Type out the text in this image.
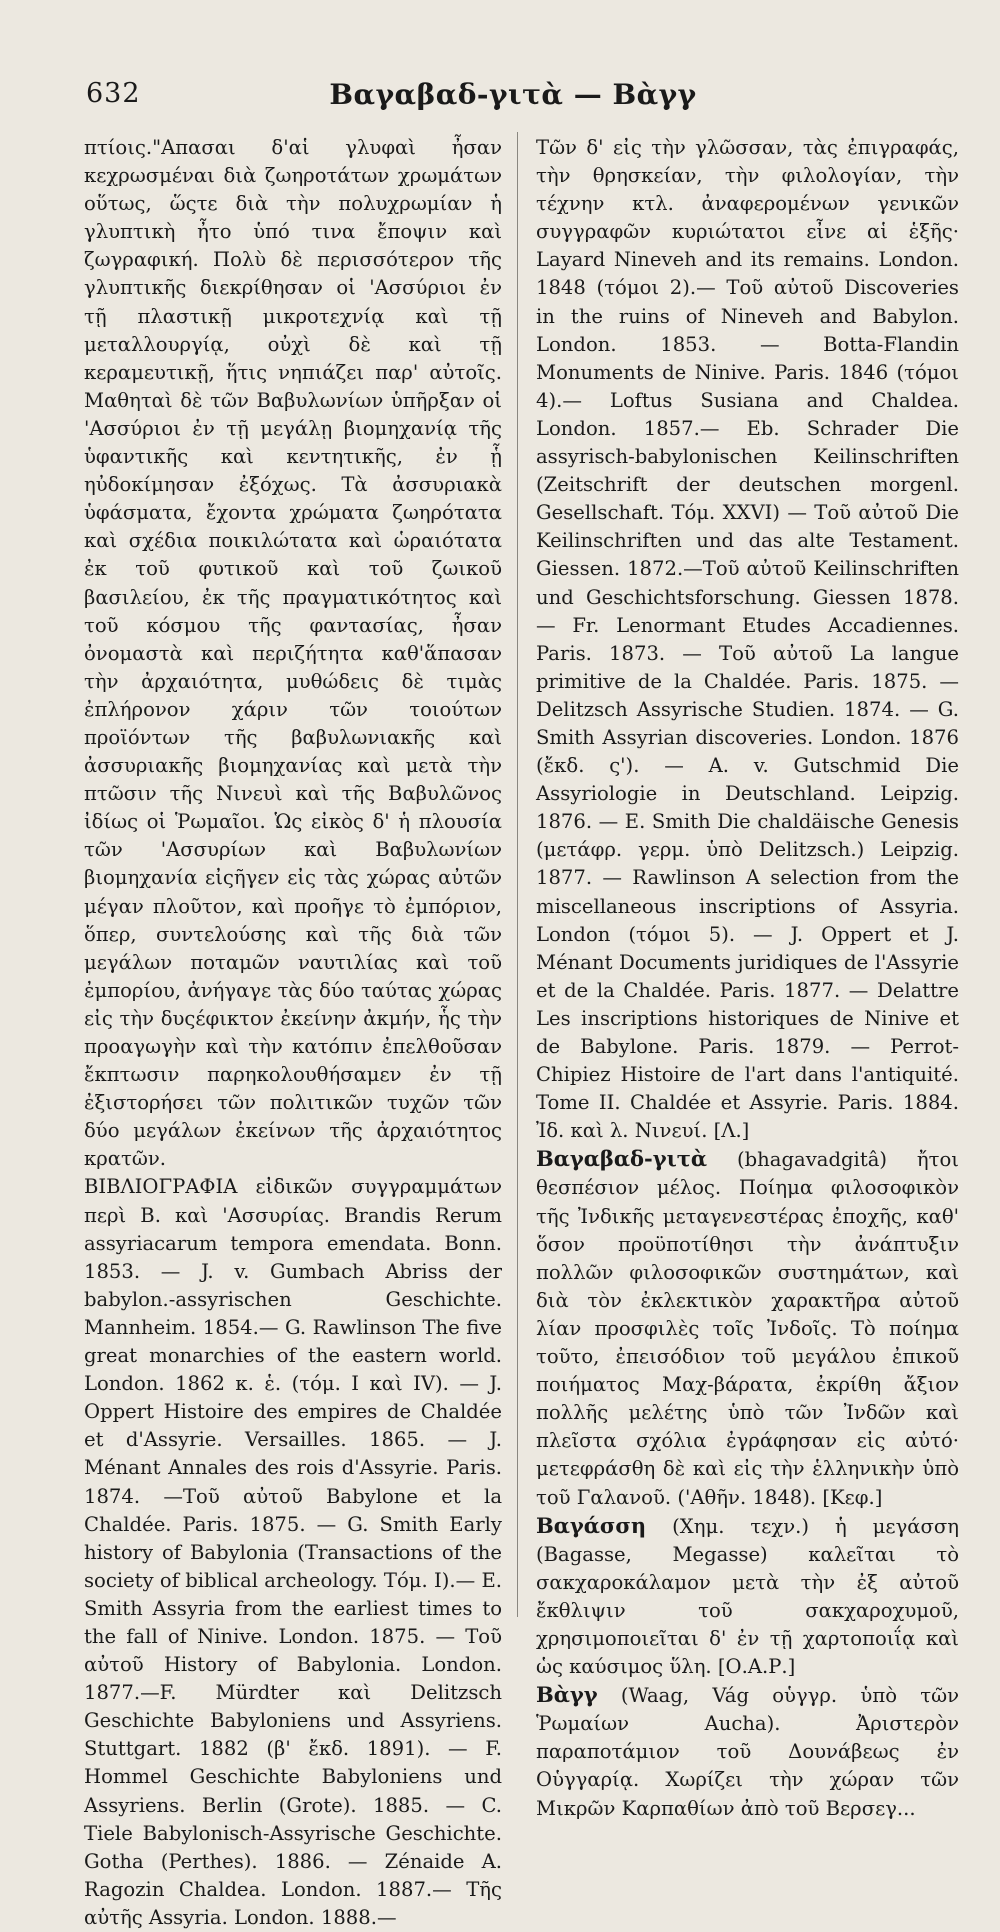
632	Βαγαβαδ-γιτὰ — Βὰγγ

πτίοις."Απασαι δ'αἱ γλυφαὶ ἦσαν κεχρωσμέναι διὰ ζωηροτάτων χρωμάτων οὕτως, ὥςτε διὰ τὴν πολυχρωμίαν ἡ γλυπτικὴ ἦτο ὑπό τινα ἔποψιν καὶ ζωγραφική. Πολὺ δὲ περισσότερον τῆς γλυπτικῆς διεκρίθησαν οἱ 'Ασσύριοι ἐν τῇ πλαστικῇ μικροτεχνίᾳ καὶ τῇ μεταλλουργίᾳ, οὐχὶ δὲ καὶ τῇ κεραμευτικῇ, ἥτις νηπιάζει παρ' αὐτοῖς. Μαθηταὶ δὲ τῶν Βαβυλωνίων ὑπῆρξαν οἱ 'Ασσύριοι ἐν τῇ μεγάλῃ βιομηχανίᾳ τῆς ὑφαντικῆς καὶ κεντητικῆς, ἐν ᾗ ηὐδοκίμησαν ἐξόχως. Τὰ ἀσσυριακὰ ὑφάσματα, ἔχοντα χρώματα ζωηρότατα καὶ σχέδια ποικιλώτατα καὶ ὡραιότατα ἐκ τοῦ φυτικοῦ καὶ τοῦ ζωικοῦ βασιλείου, ἐκ τῆς πραγματικότητος καὶ τοῦ κόσμου τῆς φαντασίας, ἦσαν ὀνομαστὰ καὶ περιζήτητα καθ'ἅπασαν τὴν ἀρχαιότητα, μυθώδεις δὲ τιμὰς ἐπλήρονον χάριν τῶν τοιούτων προϊόντων τῆς βαβυλωνιακῆς καὶ ἀσσυριακῆς βιομηχανίας καὶ μετὰ τὴν πτῶσιν τῆς Νινευὶ καὶ τῆς Βαβυλῶνος ἰδίως οἱ Ῥωμαῖοι. Ὡς εἰκὸς δ' ἡ πλουσία τῶν 'Ασσυρίων καὶ Βαβυλωνίων βιομηχανία εἰςῆγεν εἰς τὰς χώρας αὐτῶν μέγαν πλοῦτον, καὶ προῆγε τὸ ἐμπόριον, ὅπερ, συντελούσης καὶ τῆς διὰ τῶν μεγάλων ποταμῶν ναυτιλίας καὶ τοῦ ἐμπορίου, ἀνήγαγε τὰς δύο ταύτας χώρας εἰς τὴν δυςέφικτον ἐκείνην ἀκμήν, ἧς τὴν προαγωγὴν καὶ τὴν κατόπιν ἐπελθοῦσαν ἔκπτωσιν παρηκολουθήσαμεν ἐν τῇ ἐξιστορήσει τῶν πολιτικῶν τυχῶν τῶν δύο μεγάλων ἐκείνων τῆς ἀρχαιότητος κρατῶν.

ΒΙΒΛΙΟΓΡΑΦΙΑ εἰδικῶν συγγραμμάτων περὶ Β. καὶ 'Ασσυρίας. Brandis Rerum assyriacarum tempora emendata. Bonn. 1853. — J. v. Gumbach Abriss der babylon.-assyrischen Geschichte. Mannheim. 1854.— G. Rawlinson The five great monarchies of the eastern world. London. 1862 κ. ἑ. (τόμ. I καὶ IV). — J. Oppert Histoire des empires de Chaldée et d'Assyrie. Versailles. 1865. — J. Ménant Annales des rois d'Assyrie. Paris. 1874. —Τοῦ αὐτοῦ Babylone et la Chaldée. Paris. 1875. — G. Smith Early history of Babylonia (Transactions of the society of biblical archeology. Τόμ. I).— E. Smith Assyria from the earliest times to the fall of Ninive. London. 1875. — Τοῦ αὐτοῦ History of Babylonia. London. 1877.—F. Mürdter καὶ Delitzsch Geschichte Babyloniens und Assyriens. Stuttgart. 1882 (β' ἔκδ. 1891). — F. Hommel Geschichte Babyloniens und Assyriens. Berlin (Grote). 1885. — C. Tiele Babylonisch-Assyrische Geschichte. Gotha (Perthes). 1886. — Zénaide A. Ragozin Chaldea. London. 1887.— Τῆς αὐτῆς Assyria. London. 1888.—

Τῶν δ' εἰς τὴν γλῶσσαν, τὰς ἐπιγραφάς, τὴν θρησκείαν, τὴν φιλολογίαν, τὴν τέχνην κτλ. ἀναφερομένων γενικῶν συγγραφῶν κυριώτατοι εἶνε αἱ ἑξῆς· Layard Nineveh and its remains. London. 1848 (τόμοι 2).— Τοῦ αὐτοῦ Discoveries in the ruins of Nineveh and Babylon. London. 1853. — Botta-Flandin Monuments de Ninive. Paris. 1846 (τόμοι 4).— Loftus Susiana and Chaldea. London. 1857.— Eb. Schrader Die assyrisch-babylonischen Keilinschriften (Zeitschrift der deutschen morgenl. Gesellschaft. Τόμ. XXVI) — Τοῦ αὐτοῦ Die Keilinschriften und das alte Testament. Giessen. 1872.—Τοῦ αὐτοῦ Keilinschriften und Geschichtsforschung. Giessen 1878. — Fr. Lenormant Etudes Accadiennes. Paris. 1873. — Τοῦ αὐτοῦ La langue primitive de la Chaldée. Paris. 1875. — Delitzsch Assyrische Studien. 1874. — G. Smith Assyrian discoveries. London. 1876 (ἔκδ. ς'). — A. v. Gutschmid Die Assyriologie in Deutschland. Leipzig. 1876. — E. Smith Die chaldäische Genesis (μετάφρ. γερμ. ὑπὸ Delitzsch.) Leipzig. 1877. — Rawlinson A selection from the miscellaneous inscriptions of Assyria. London (τόμοι 5). — J. Oppert et J. Ménant Documents juridiques de l'Assyrie et de la Chaldée. Paris. 1877. — Delattre Les inscriptions historiques de Ninive et de Babylone. Paris. 1879. — Perrot-Chipiez Histoire de l'art dans l'antiquité. Tome II. Chaldée et Assyrie. Paris. 1884. Ἰδ. καὶ λ. Νινευί. [Λ.]

Βαγαβαδ-γιτὰ (bhagavadgitâ) ἤτοι θεσπέσιον μέλος. Ποίημα φιλοσοφικὸν τῆς Ἰνδικῆς μεταγενεστέρας ἐποχῆς, καθ' ὅσον προϋποτίθησι τὴν ἀνάπτυξιν πολλῶν φιλοσοφικῶν συστημάτων, καὶ διὰ τὸν ἐκλεκτικὸν χαρακτῆρα αὐτοῦ λίαν προσφιλὲς τοῖς Ἰνδοῖς. Τὸ ποίημα τοῦτο, ἐπεισόδιον τοῦ μεγάλου ἐπικοῦ ποιήματος Μαχ-βάρατα, ἐκρίθη ἄξιον πολλῆς μελέτης ὑπὸ τῶν Ἰνδῶν καὶ πλεῖστα σχόλια ἐγράφησαν εἰς αὐτό· μετεφράσθη δὲ καὶ εἰς τὴν ἑλληνικὴν ὑπὸ τοῦ Γαλανοῦ. ('Αθῆν. 1848). [Κεφ.]

Βαγάσση (Χημ. τεχν.) ἡ μεγάσση (Bagasse, Megasse) καλεῖται τὸ σακχαροκάλαμον μετὰ τὴν ἐξ αὐτοῦ ἔκθλιψιν τοῦ σακχαροχυμοῦ, χρησιμοποιεῖται δ' ἐν τῇ χαρτοποιΐᾳ καὶ ὡς καύσιμος ὕλη. [Ο.Α.Ρ.]

Βὰγγ (Waag, Vág οὑγγρ. ὑπὸ τῶν Ῥωμαίων Aucha). Ἀριστερὸν παραποτάμιον τοῦ Δουνάβεως ἐν Οὑγγαρίᾳ. Χωρίζει τὴν χώραν τῶν Μικρῶν Καρπαθίων ἀπὸ τοῦ Βερσεγ...
